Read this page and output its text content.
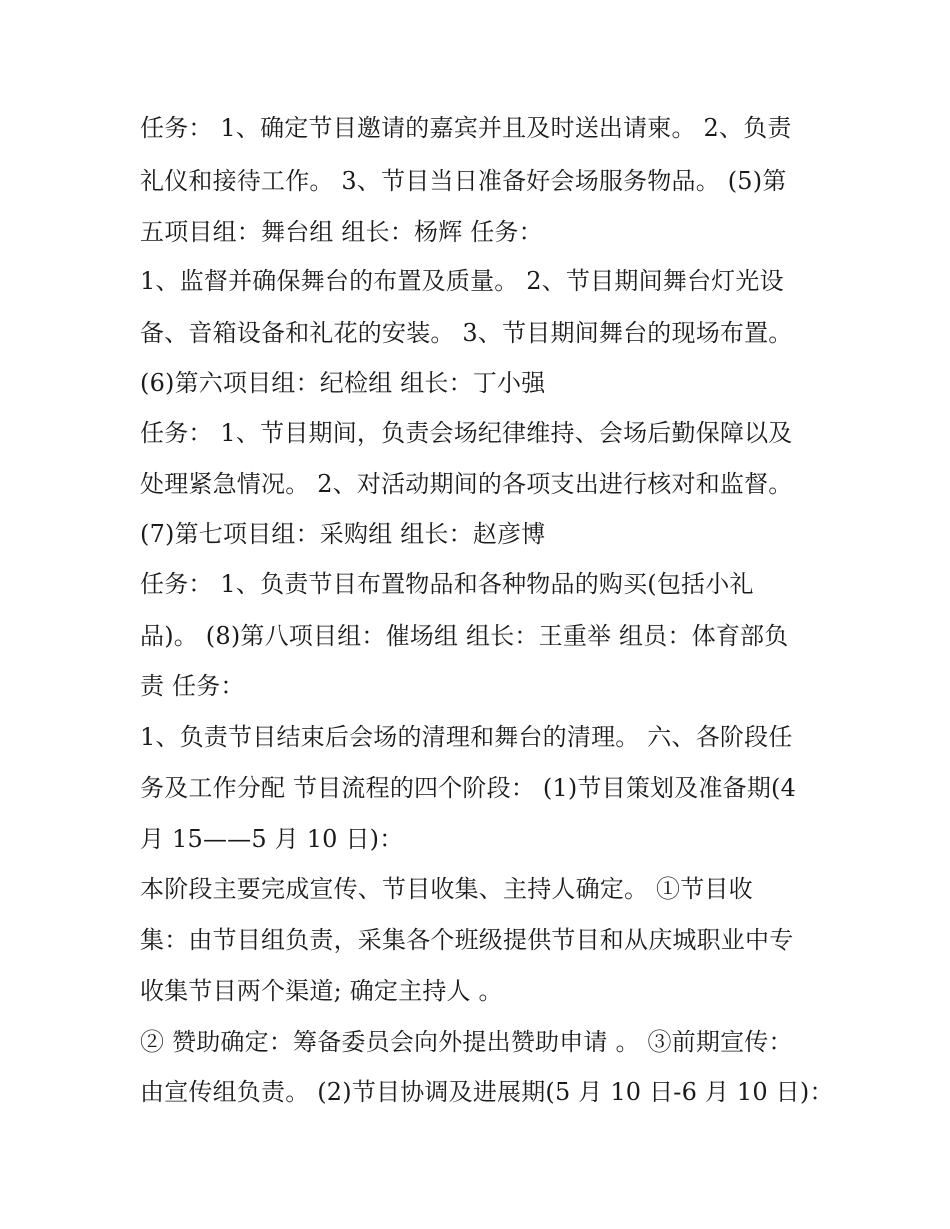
任务： 1、确定节目邀请的嘉宾并且及时送出请柬。 2、负责
礼仪和接待工作。 3、节目当日准备好会场服务物品。 (5)第
五项目组：舞台组 组长：杨辉 任务：
1、监督并确保舞台的布置及质量。 2、节目期间舞台灯光设
备、音箱设备和礼花的安装。 3、节目期间舞台的现场布置。
(6)第六项目组：纪检组 组长：丁小强
任务： 1、节目期间，负责会场纪律维持、会场后勤保障以及
处理紧急情况。 2、对活动期间的各项支出进行核对和监督。
(7)第七项目组：采购组 组长：赵彦博
任务： 1、负责节目布置物品和各种物品的购买(包括小礼
品)。 (8)第八项目组：催场组 组长：王重举 组员：体育部负
责 任务：
1、负责节目结束后会场的清理和舞台的清理。 六、各阶段任
务及工作分配 节目流程的四个阶段： (1)节目策划及准备期(4
月 15——5 月 10 日)：
本阶段主要完成宣传、节目收集、主持人确定。 ①节目收
集：由节目组负责，采集各个班级提供节目和从庆城职业中专
收集节目两个渠道; 确定主持人 。
② 赞助确定：筹备委员会向外提出赞助申请 。 ③前期宣传：
由宣传组负责。 (2)节目协调及进展期(5 月 10 日-6 月 10 日)：
